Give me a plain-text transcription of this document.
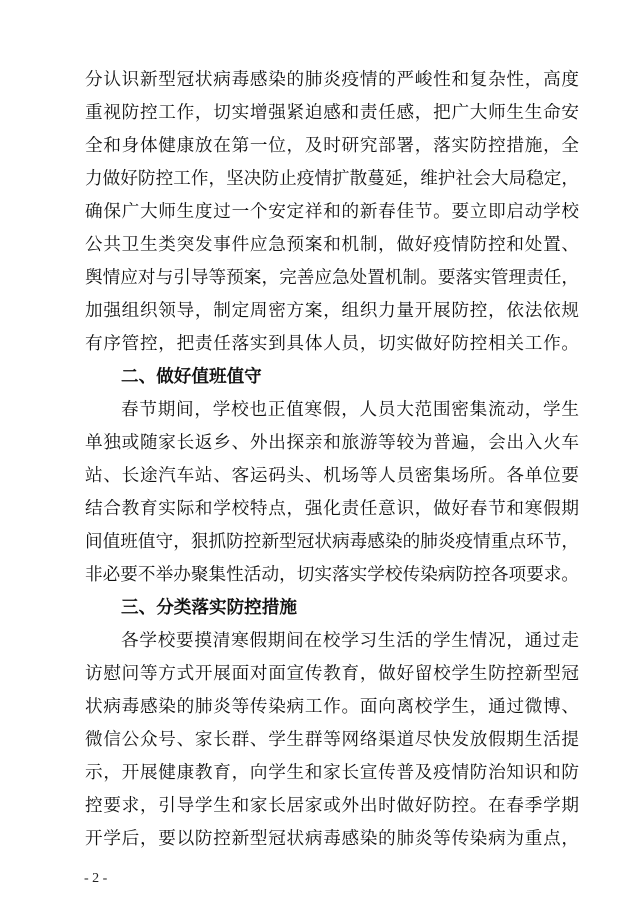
分认识新型冠状病毒感染的肺炎疫情的严峻性和复杂性，高度
重视防控工作，切实增强紧迫感和责任感，把广大师生生命安
全和身体健康放在第一位，及时研究部署，落实防控措施，全
力做好防控工作，坚决防止疫情扩散蔓延，维护社会大局稳定，
确保广大师生度过一个安定祥和的新春佳节。要立即启动学校
公共卫生类突发事件应急预案和机制，做好疫情防控和处置、
舆情应对与引导等预案，完善应急处置机制。要落实管理责任，
加强组织领导，制定周密方案，组织力量开展防控，依法依规
有序管控，把责任落实到具体人员，切实做好防控相关工作。
二、做好值班值守
春节期间，学校也正值寒假，人员大范围密集流动，学生
单独或随家长返乡、外出探亲和旅游等较为普遍，会出入火车
站、长途汽车站、客运码头、机场等人员密集场所。各单位要
结合教育实际和学校特点，强化责任意识，做好春节和寒假期
间值班值守，狠抓防控新型冠状病毒感染的肺炎疫情重点环节，
非必要不举办聚集性活动，切实落实学校传染病防控各项要求。
三、分类落实防控措施
各学校要摸清寒假期间在校学习生活的学生情况，通过走
访慰问等方式开展面对面宣传教育，做好留校学生防控新型冠
状病毒感染的肺炎等传染病工作。面向离校学生，通过微博、
微信公众号、家长群、学生群等网络渠道尽快发放假期生活提
示，开展健康教育，向学生和家长宣传普及疫情防治知识和防
控要求，引导学生和家长居家或外出时做好防控。在春季学期
开学后，要以防控新型冠状病毒感染的肺炎等传染病为重点，
- 2 -
